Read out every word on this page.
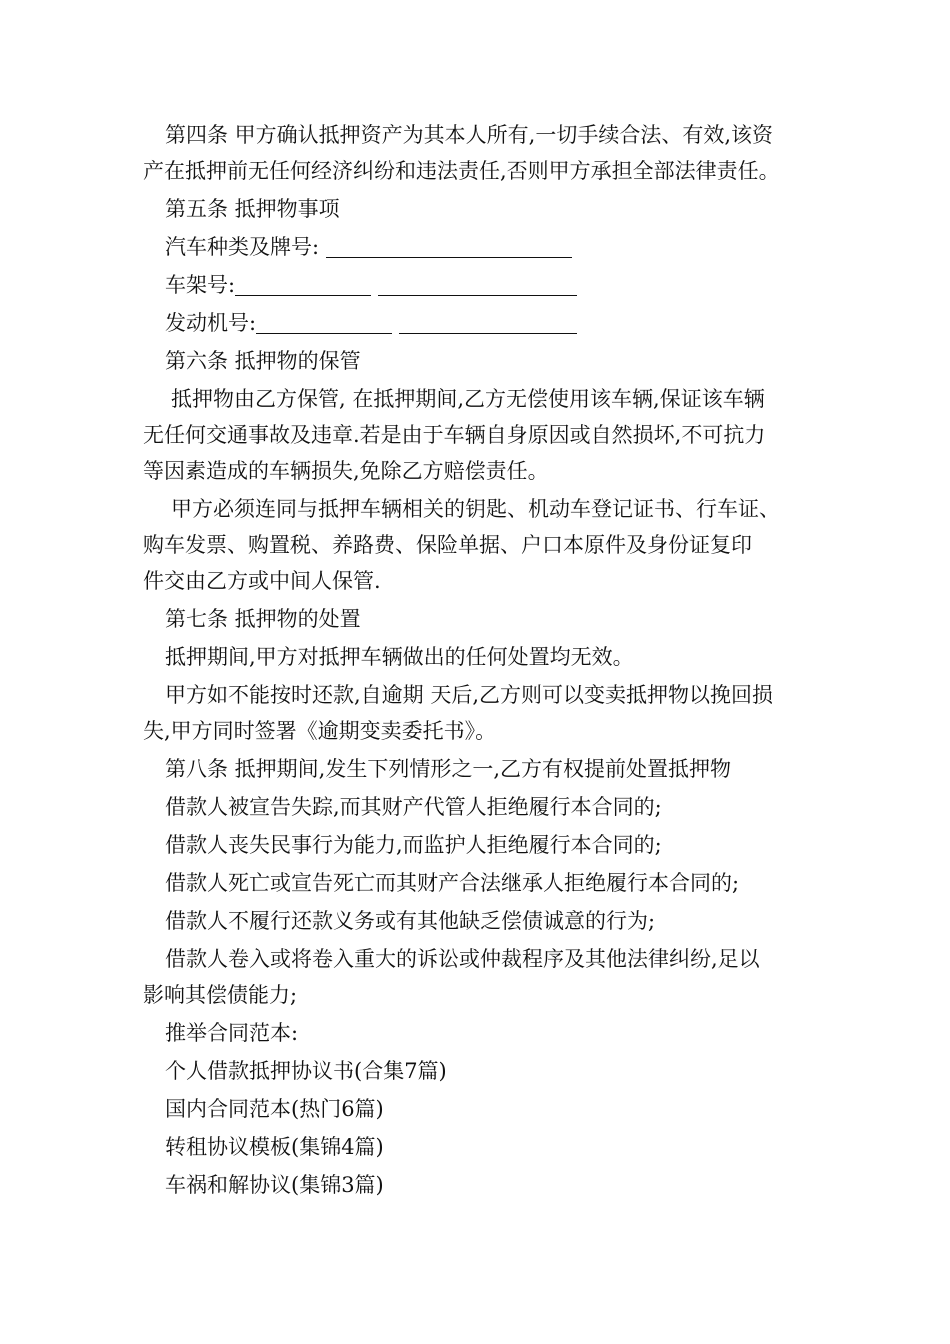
第四条 甲方确认抵押资产为其本人所有,一切手续合法、有效,该资
产在抵押前无任何经济纠纷和违法责任,否则甲方承担全部法律责任。
第五条 抵押物事项
汽车种类及牌号:
车架号:
发动机号:
第六条 抵押物的保管
抵押物由乙方保管, 在抵押期间,乙方无偿使用该车辆,保证该车辆
无任何交通事故及违章.若是由于车辆自身原因或自然损坏,不可抗力
等因素造成的车辆损失,免除乙方赔偿责任。
甲方必须连同与抵押车辆相关的钥匙、机动车登记证书、行车证、
购车发票、购置税、养路费、保险单据、户口本原件及身份证复印
件交由乙方或中间人保管.
第七条 抵押物的处置
抵押期间,甲方对抵押车辆做出的任何处置均无效。
甲方如不能按时还款,自逾期 天后,乙方则可以变卖抵押物以挽回损
失,甲方同时签署《逾期变卖委托书》。
第八条 抵押期间,发生下列情形之一,乙方有权提前处置抵押物
借款人被宣告失踪,而其财产代管人拒绝履行本合同的;
借款人丧失民事行为能力,而监护人拒绝履行本合同的;
借款人死亡或宣告死亡而其财产合法继承人拒绝履行本合同的;
借款人不履行还款义务或有其他缺乏偿债诚意的行为;
借款人卷入或将卷入重大的诉讼或仲裁程序及其他法律纠纷,足以
影响其偿债能力;
推举合同范本:
个人借款抵押协议书(合集7篇)
国内合同范本(热门6篇)
转租协议模板(集锦4篇)
车祸和解协议(集锦3篇)
